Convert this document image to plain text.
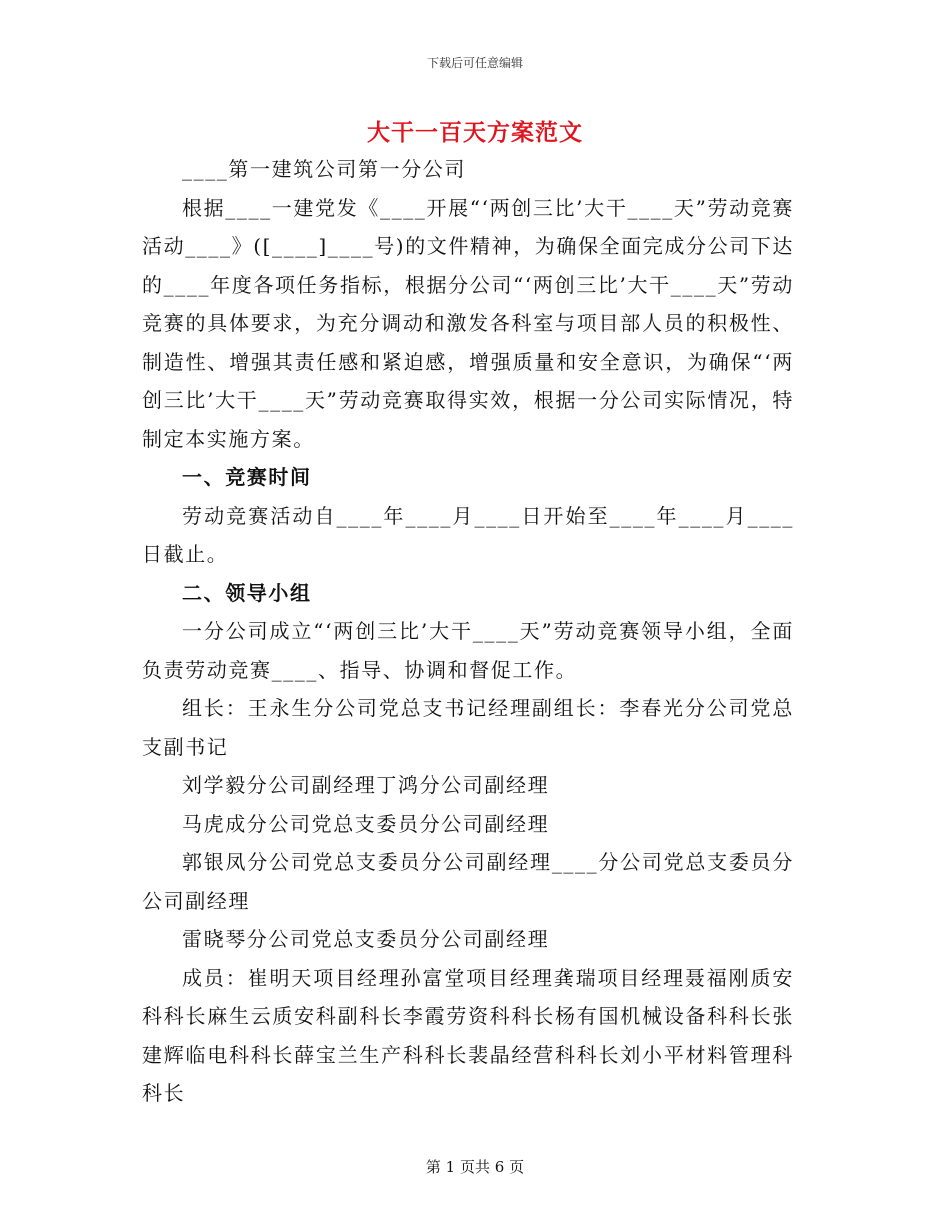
下载后可任意编辑
大干一百天方案范文

____第一建筑公司第一分公司

根据____一建党发《____开展“‘两创三比’大干____天”劳动竞赛活动____》([____]____号)的文件精神，为确保全面完成分公司下达的____年度各项任务指标，根据分公司“‘两创三比’大干____天”劳动竞赛的具体要求，为充分调动和激发各科室与项目部人员的积极性、制造性、增强其责任感和紧迫感，增强质量和安全意识，为确保“‘两创三比’大干____天”劳动竞赛取得实效，根据一分公司实际情况，特制定本实施方案。

一、竞赛时间

劳动竞赛活动自____年____月____日开始至____年____月____日截止。

二、领导小组

一分公司成立“‘两创三比’大干____天”劳动竞赛领导小组，全面负责劳动竞赛____、指导、协调和督促工作。

组长：王永生分公司党总支书记经理副组长：李春光分公司党总支副书记

刘学毅分公司副经理丁鸿分公司副经理

马虎成分公司党总支委员分公司副经理

郭银凤分公司党总支委员分公司副经理____分公司党总支委员分公司副经理

雷晓琴分公司党总支委员分公司副经理

成员：崔明天项目经理孙富堂项目经理龚瑞项目经理聂福刚质安科科长麻生云质安科副科长李霞劳资科科长杨有国机械设备科科长张建辉临电科科长薛宝兰生产科科长裴晶经营科科长刘小平材料管理科科长

第 1 页共 6 页
